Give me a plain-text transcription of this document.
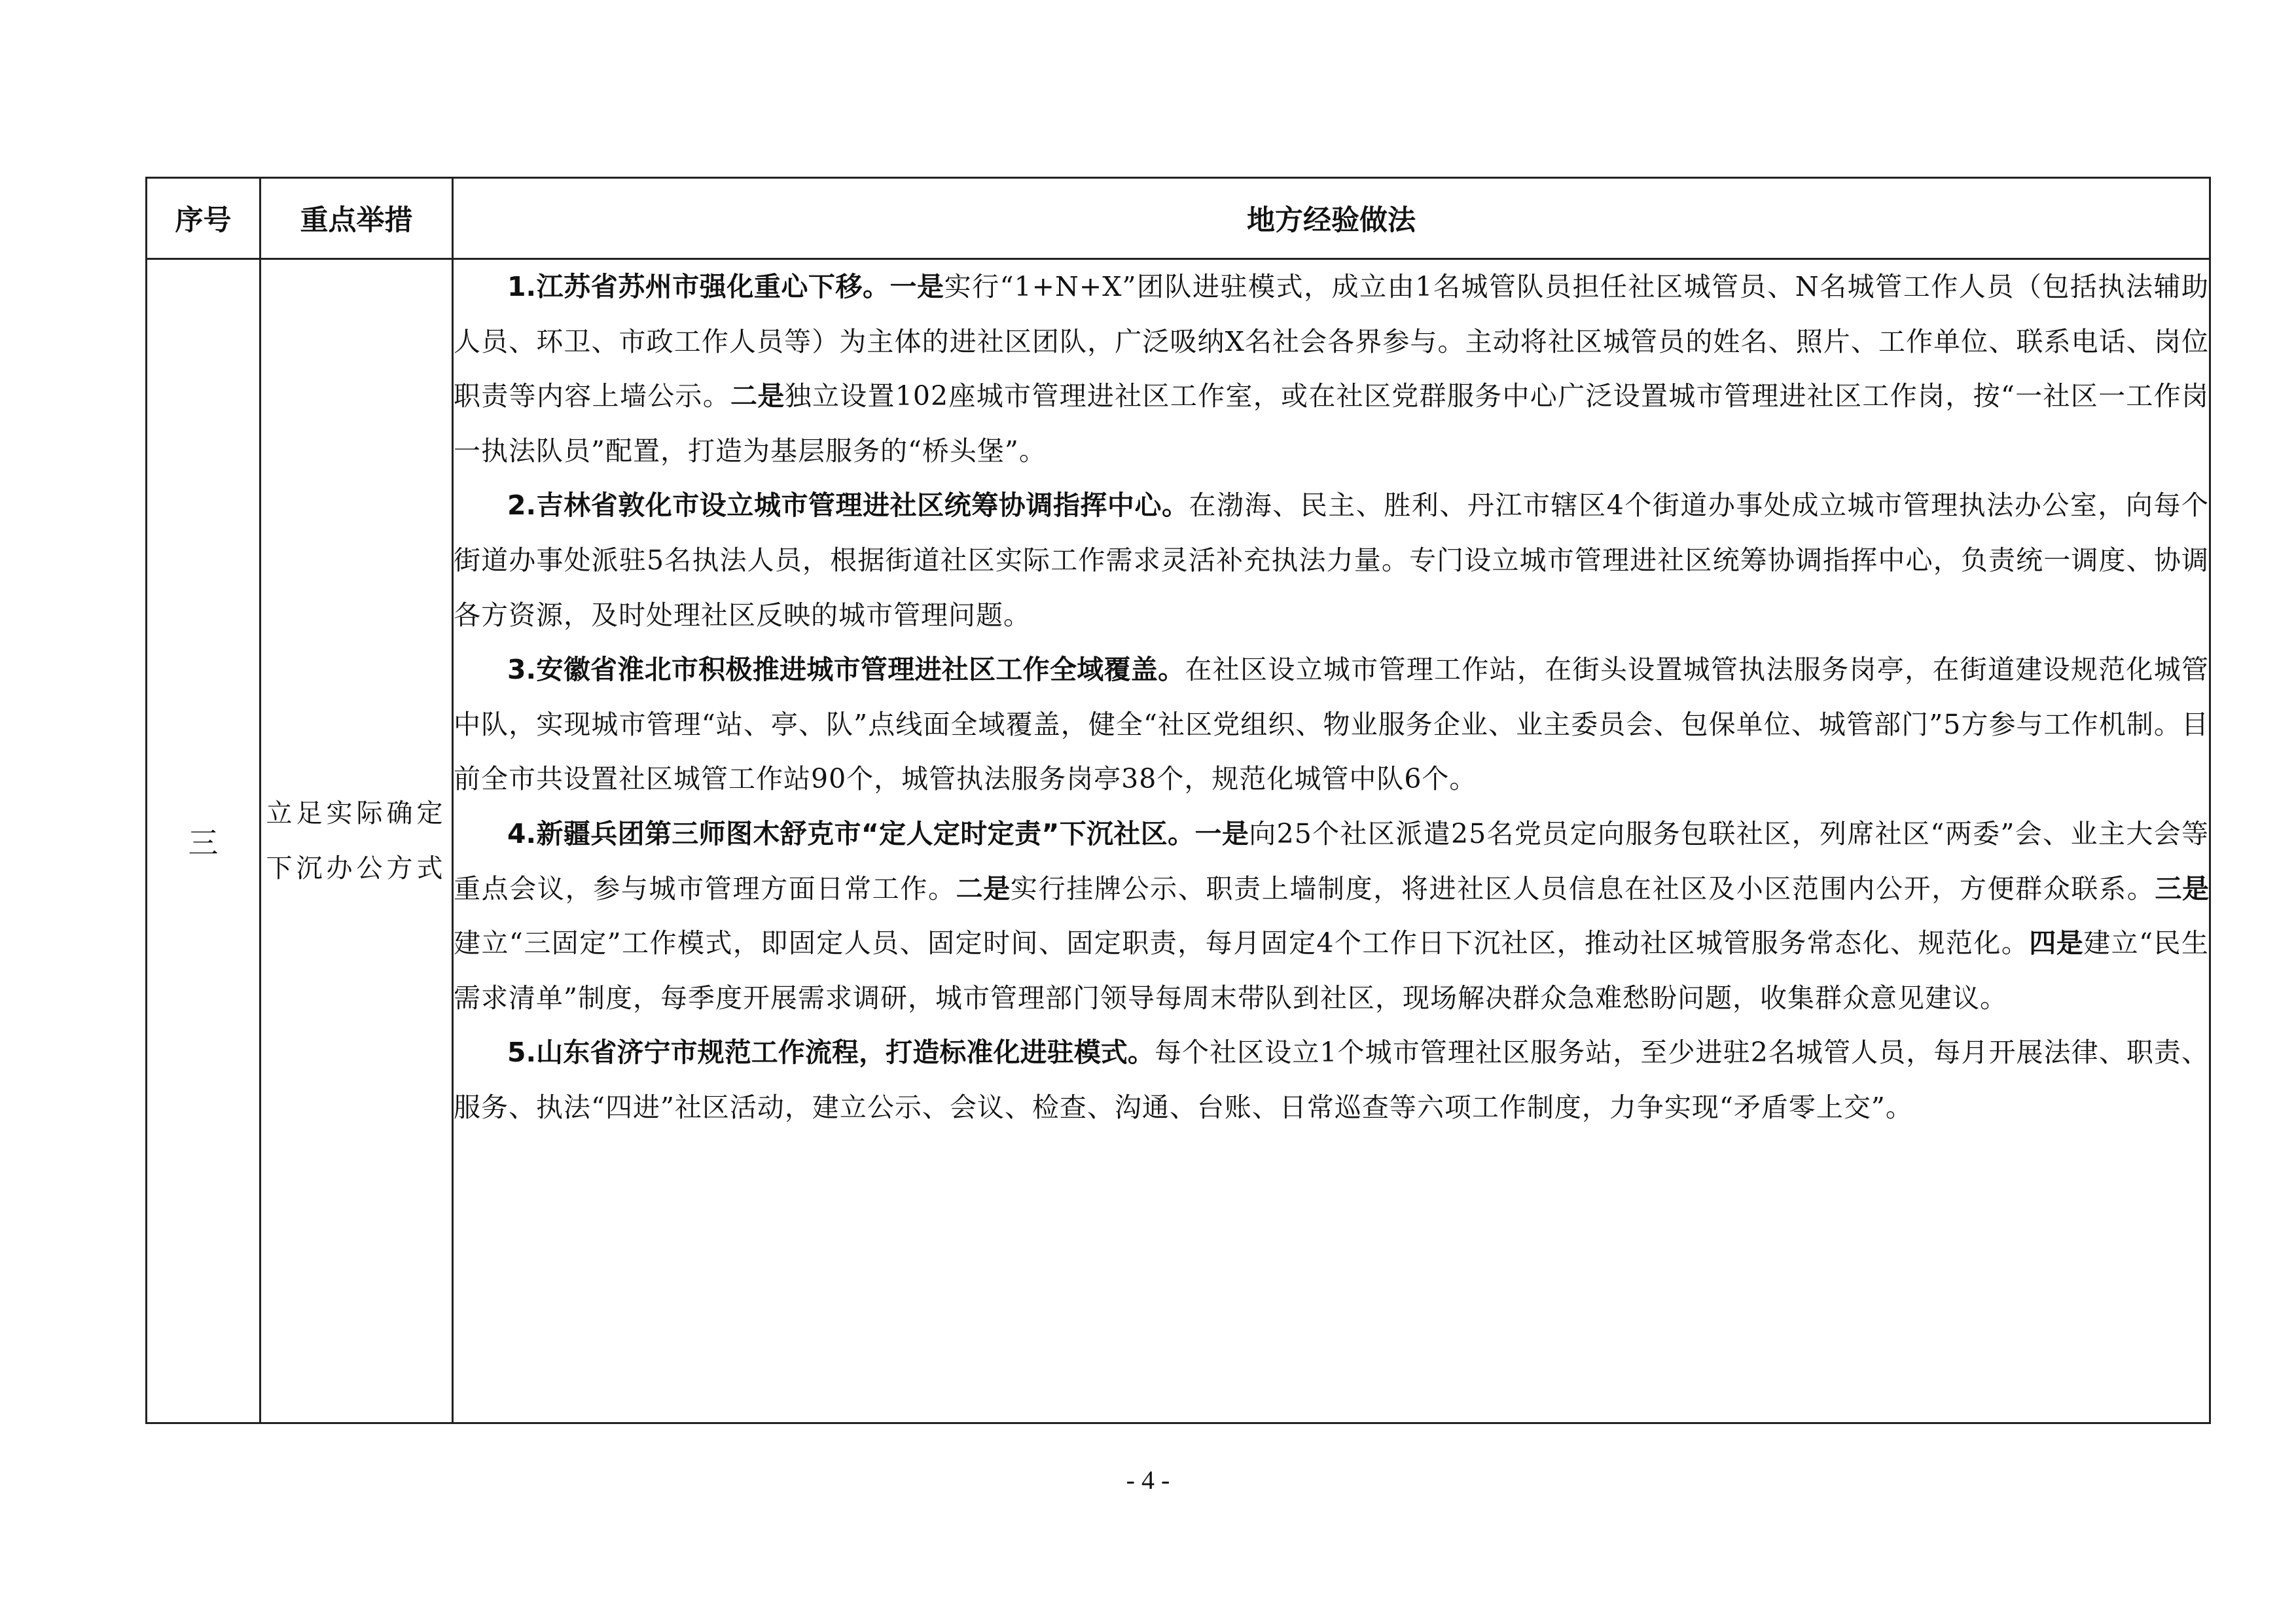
序号	重点举措	地方经验做法
三	立足实际确定下沉办公方式	1.江苏省苏州市强化重心下移。一是实行“1+N+X”团队进驻模式，成立由1名城管队员担任社区城管员、N名城管工作人员（包括执法辅助人员、环卫、市政工作人员等）为主体的进社区团队，广泛吸纳X名社会各界参与。主动将社区城管员的姓名、照片、工作单位、联系电话、岗位职责等内容上墙公示。二是独立设置102座城市管理进社区工作室，或在社区党群服务中心广泛设置城市管理进社区工作岗，按“一社区一工作岗一执法队员”配置，打造为基层服务的“桥头堡”。

2.吉林省敦化市设立城市管理进社区统筹协调指挥中心。在渤海、民主、胜利、丹江市辖区4个街道办事处成立城市管理执法办公室，向每个街道办事处派驻5名执法人员，根据街道社区实际工作需求灵活补充执法力量。专门设立城市管理进社区统筹协调指挥中心，负责统一调度、协调各方资源，及时处理社区反映的城市管理问题。

3.安徽省淮北市积极推进城市管理进社区工作全域覆盖。在社区设立城市管理工作站，在街头设置城管执法服务岗亭，在街道建设规范化城管中队，实现城市管理“站、亭、队”点线面全域覆盖，健全“社区党组织、物业服务企业、业主委员会、包保单位、城管部门”5方参与工作机制。目前全市共设置社区城管工作站90个，城管执法服务岗亭38个，规范化城管中队6个。

4.新疆兵团第三师图木舒克市“定人定时定责”下沉社区。一是向25个社区派遣25名党员定向服务包联社区，列席社区“两委”会、业主大会等重点会议，参与城市管理方面日常工作。二是实行挂牌公示、职责上墙制度，将进社区人员信息在社区及小区范围内公开，方便群众联系。三是建立“三固定”工作模式，即固定人员、固定时间、固定职责，每月固定4个工作日下沉社区，推动社区城管服务常态化、规范化。四是建立“民生需求清单”制度，每季度开展需求调研，城市管理部门领导每周末带队到社区，现场解决群众急难愁盼问题，收集群众意见建议。

5.山东省济宁市规范工作流程，打造标准化进驻模式。每个社区设立1个城市管理社区服务站，至少进驻2名城管人员，每月开展法律、职责、服务、执法“四进”社区活动，建立公示、会议、检查、沟通、台账、日常巡查等六项工作制度，力争实现“矛盾零上交”。

- 4 -
